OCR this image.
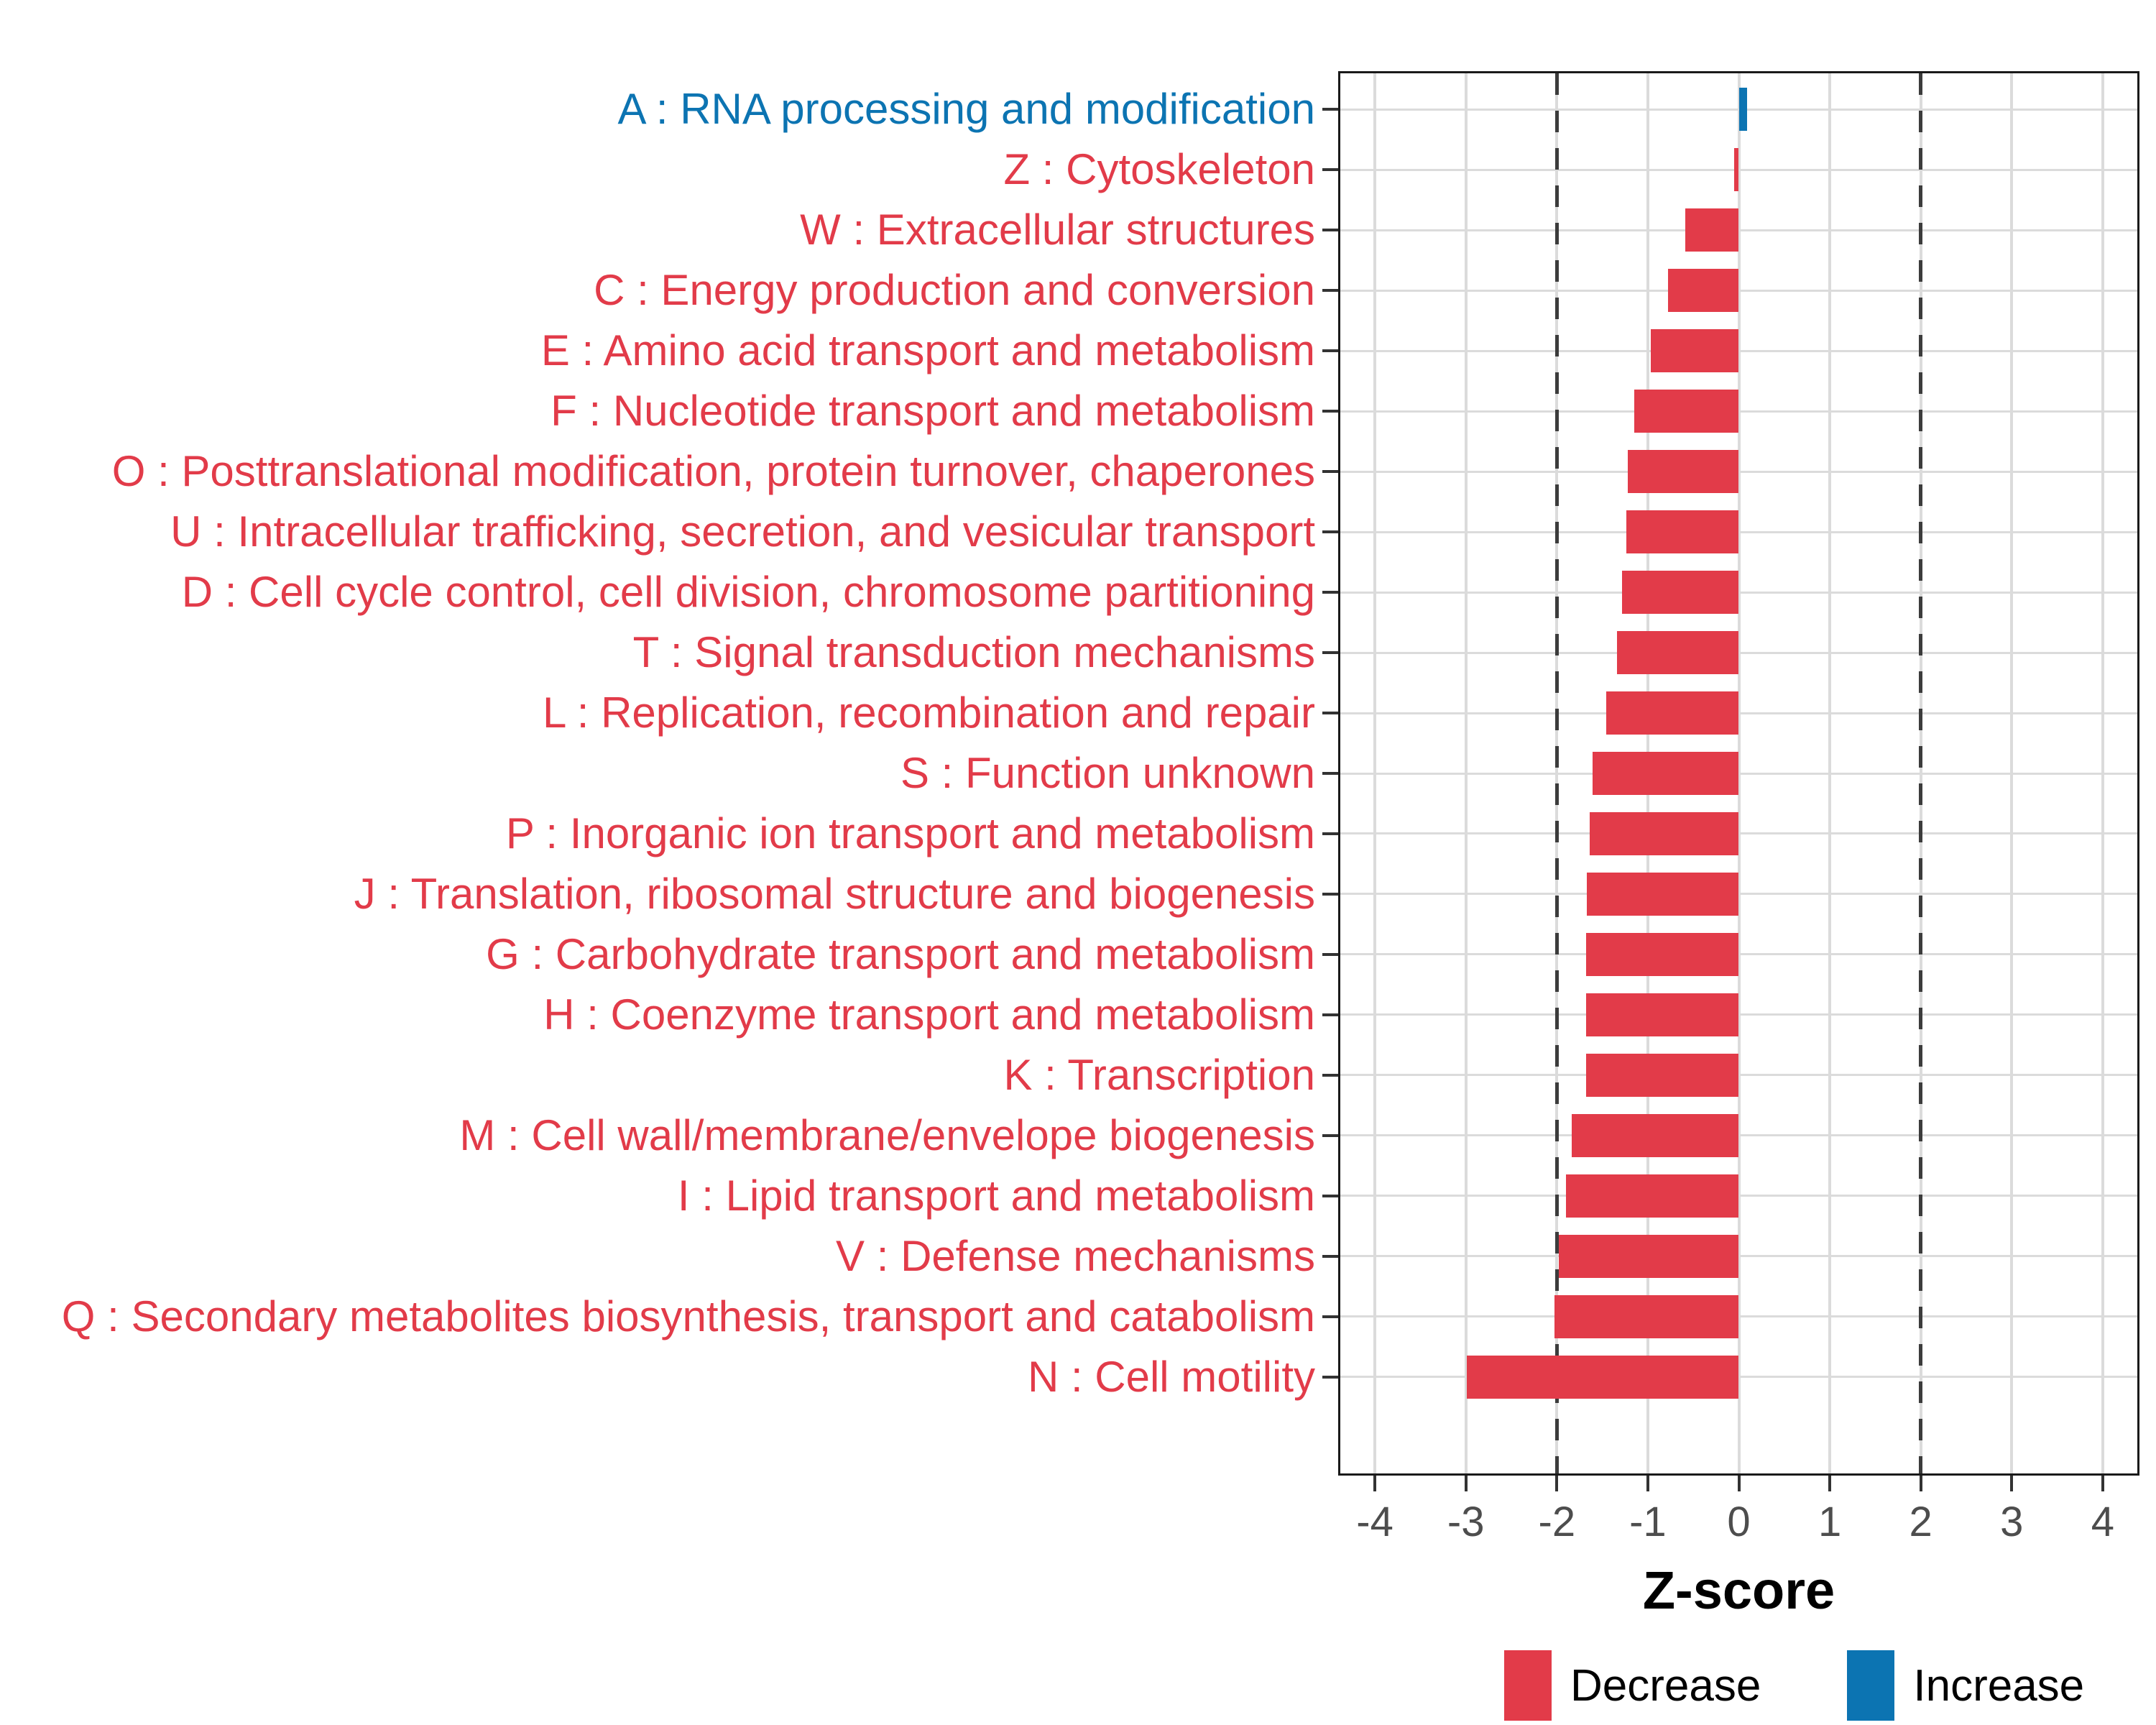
Z-score
Decrease	Increase
-4	-3	-2	-1	0	1	2	3	4
A : RNA processing and modification
Z : Cytoskeleton
W : Extracellular structures
C : Energy production and conversion
E : Amino acid transport and metabolism
F : Nucleotide transport and metabolism
O : Posttranslational modification, protein turnover, chaperones
U : Intracellular trafficking, secretion, and vesicular transport
D : Cell cycle control, cell division, chromosome partitioning
T : Signal transduction mechanisms
L : Replication, recombination and repair
S : Function unknown
P : Inorganic ion transport and metabolism
J : Translation, ribosomal structure and biogenesis
G : Carbohydrate transport and metabolism
H : Coenzyme transport and metabolism
K : Transcription
M : Cell wall/membrane/envelope biogenesis
I : Lipid transport and metabolism
V : Defense mechanisms
Q : Secondary metabolites biosynthesis, transport and catabolism
N : Cell motility
